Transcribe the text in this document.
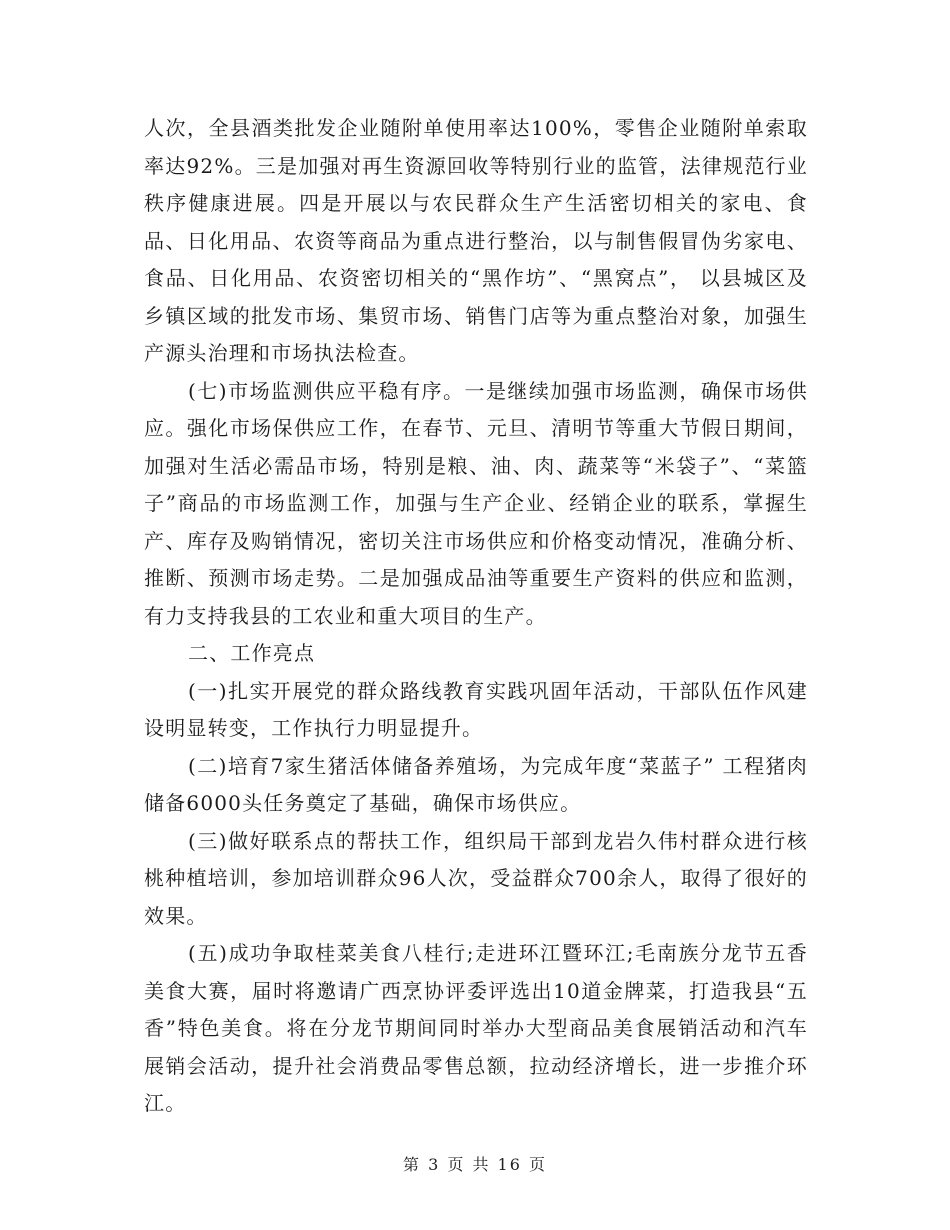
人次，全县酒类批发企业随附单使用率达100%，零售企业随附单索取率达92%。三是加强对再生资源回收等特别行业的监管，法律规范行业秩序健康进展。四是开展以与农民群众生产生活密切相关的家电、食品、日化用品、农资等商品为重点进行整治，以与制售假冒伪劣家电、食品、日化用品、农资密切相关的“黑作坊”、“黑窝点”， 以县城区及乡镇区域的批发市场、集贸市场、销售门店等为重点整治对象，加强生产源头治理和市场执法检查。

(七)市场监测供应平稳有序。一是继续加强市场监测，确保市场供应。强化市场保供应工作，在春节、元旦、清明节等重大节假日期间，加强对生活必需品市场，特别是粮、油、肉、蔬菜等“米袋子”、“菜篮子”商品的市场监测工作，加强与生产企业、经销企业的联系，掌握生产、库存及购销情况，密切关注市场供应和价格变动情况，准确分析、推断、预测市场走势。二是加强成品油等重要生产资料的供应和监测，有力支持我县的工农业和重大项目的生产。

二、工作亮点

(一)扎实开展党的群众路线教育实践巩固年活动，干部队伍作风建设明显转变，工作执行力明显提升。

(二)培育7家生猪活体储备养殖场，为完成年度“菜蓝子” 工程猪肉储备6000头任务奠定了基础，确保市场供应。

(三)做好联系点的帮扶工作，组织局干部到龙岩久伟村群众进行核桃种植培训，参加培训群众96人次，受益群众700余人，取得了很好的效果。

(五)成功争取桂菜美食八桂行;走进环江暨环江;毛南族分龙节五香美食大赛，届时将邀请广西烹协评委评选出10道金牌菜，打造我县“五香”特色美食。将在分龙节期间同时举办大型商品美食展销活动和汽车展销会活动，提升社会消费品零售总额，拉动经济增长，进一步推介环江。

第 3 页 共 16 页
